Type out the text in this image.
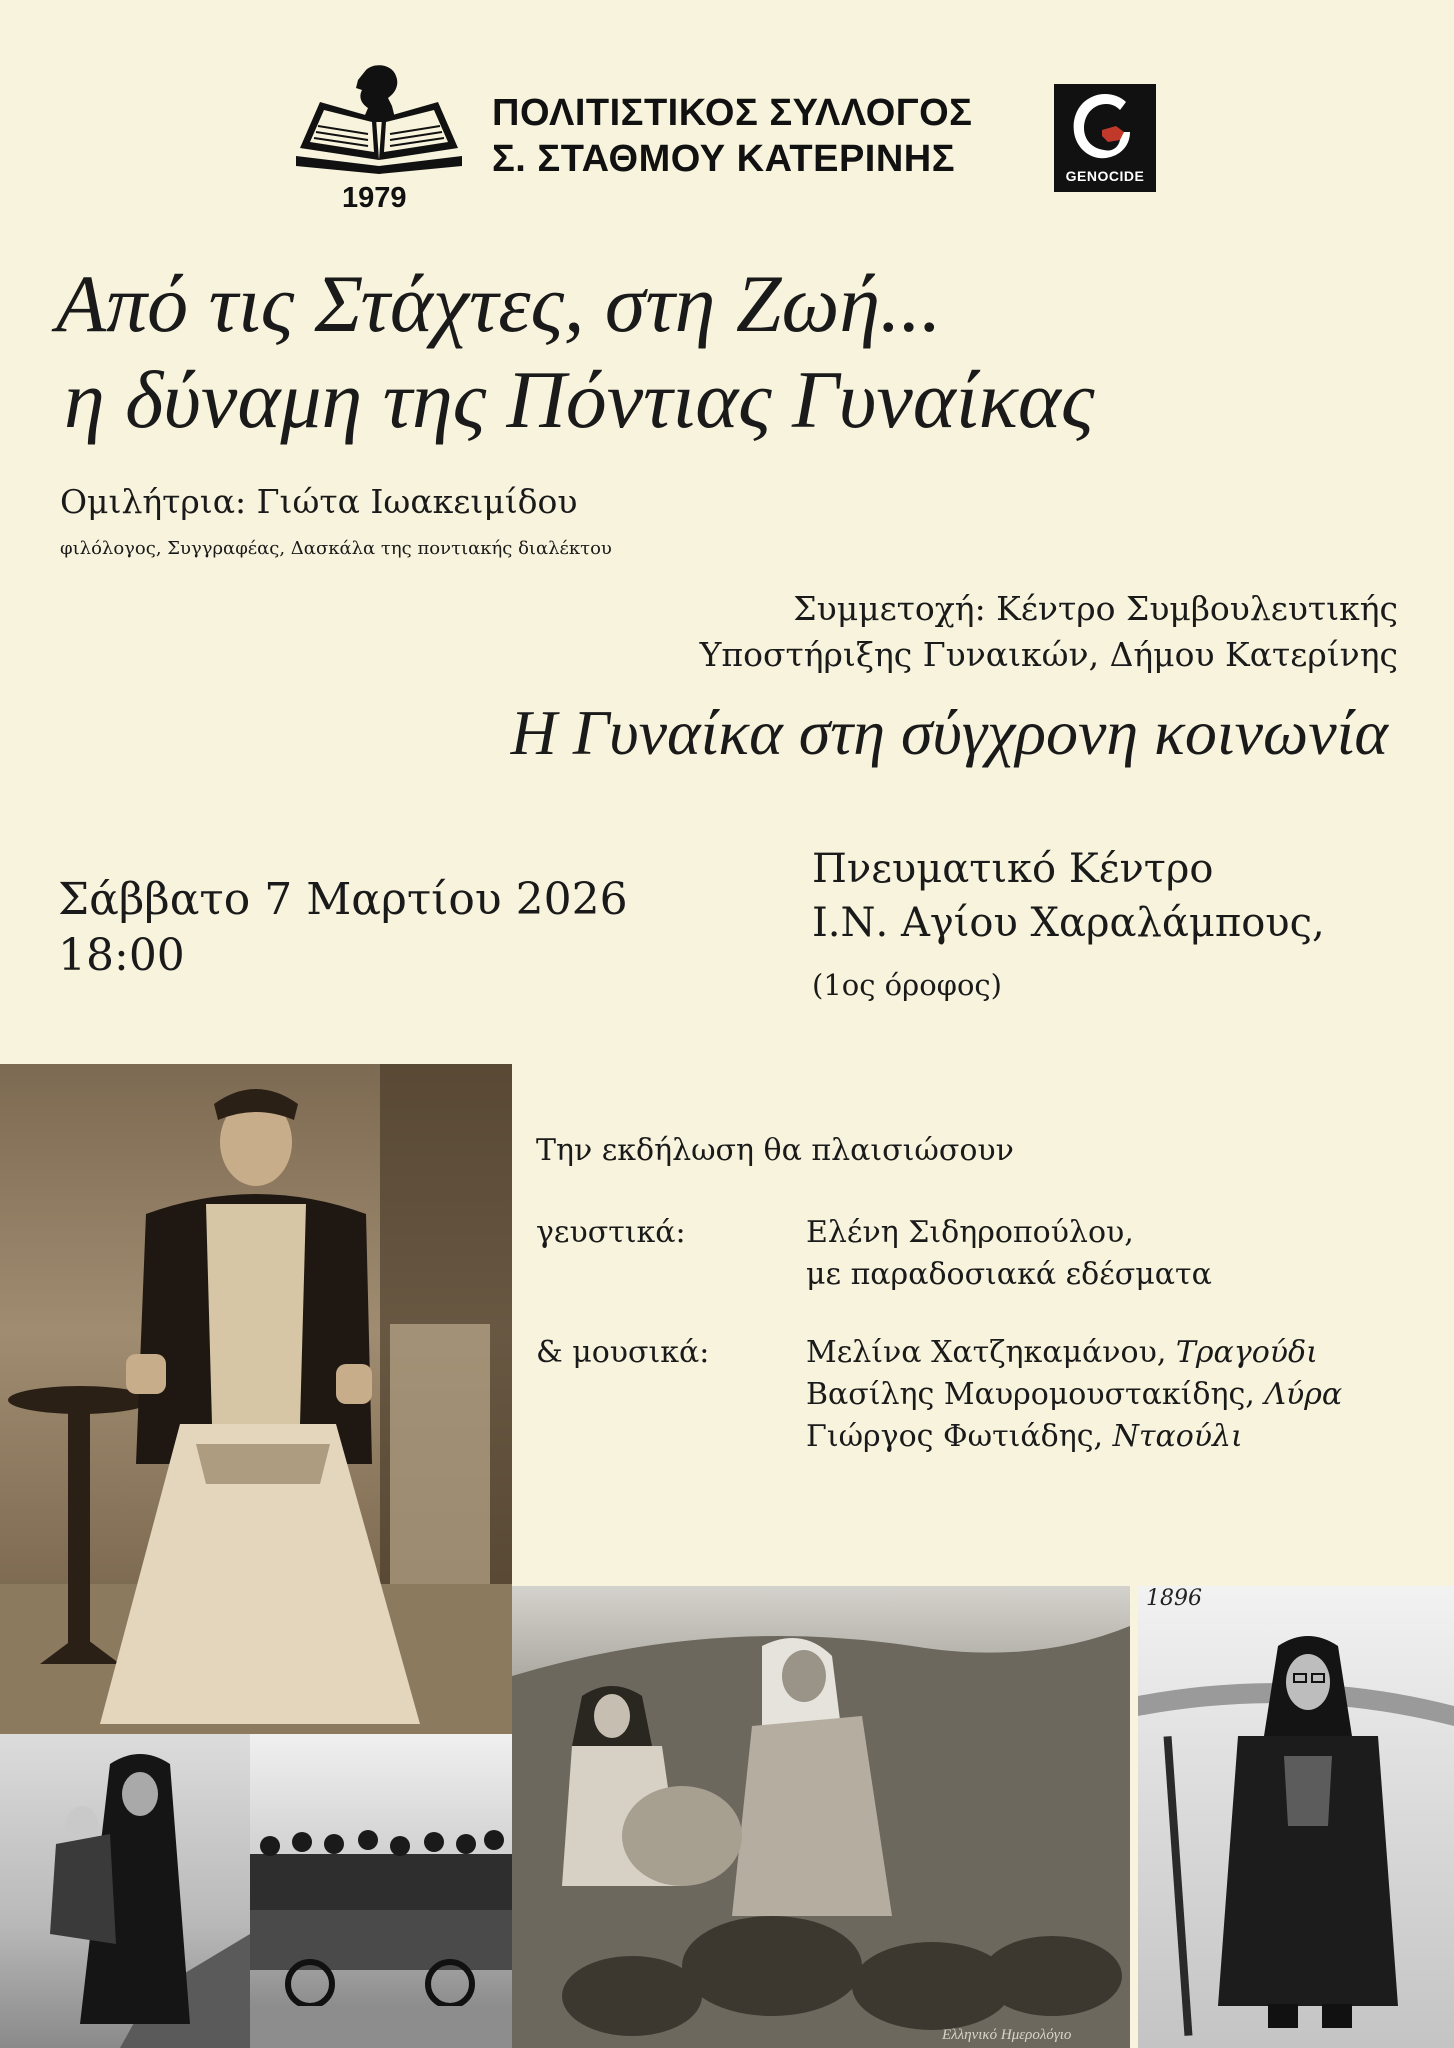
1979
ΠΟΛΙΤΙΣΤΙΚΟΣ ΣΥΛΛΟΓΟΣ
Σ. ΣΤΑΘΜΟΥ ΚΑΤΕΡΙΝΗΣ	GENOCIDE
Από τις Στάχτες, στη Ζωή...
η δύναμη της Πόντιας Γυναίκας
Ομιλήτρια: Γιώτα Ιωακειμίδου
φιλόλογος, Συγγραφέας, Δασκάλα της ποντιακής διαλέκτου
Συμμετοχή: Κέντρο Συμβουλευτικής
Υποστήριξης Γυναικών, Δήμου Κατερίνης
Η Γυναίκα στη σύγχρονη κοινωνία
Σάββατο 7 Μαρτίου 2026
18:00
Πνευματικό Κέντρο
Ι.Ν. Αγίου Χαραλάμπους,
(1ος όροφος)
Την εκδήλωση θα πλαισιώσουν
γευστικά:	Ελένη Σιδηροπούλου,
με παραδοσιακά εδέσματα
& μουσικά:	Μελίνα Χατζηκαμάνου, Τραγούδι
Βασίλης Μαυρομουστακίδης, Λύρα
Γιώργος Φωτιάδης, Νταούλι
Ελληνικό Ημερολόγιο
1896
